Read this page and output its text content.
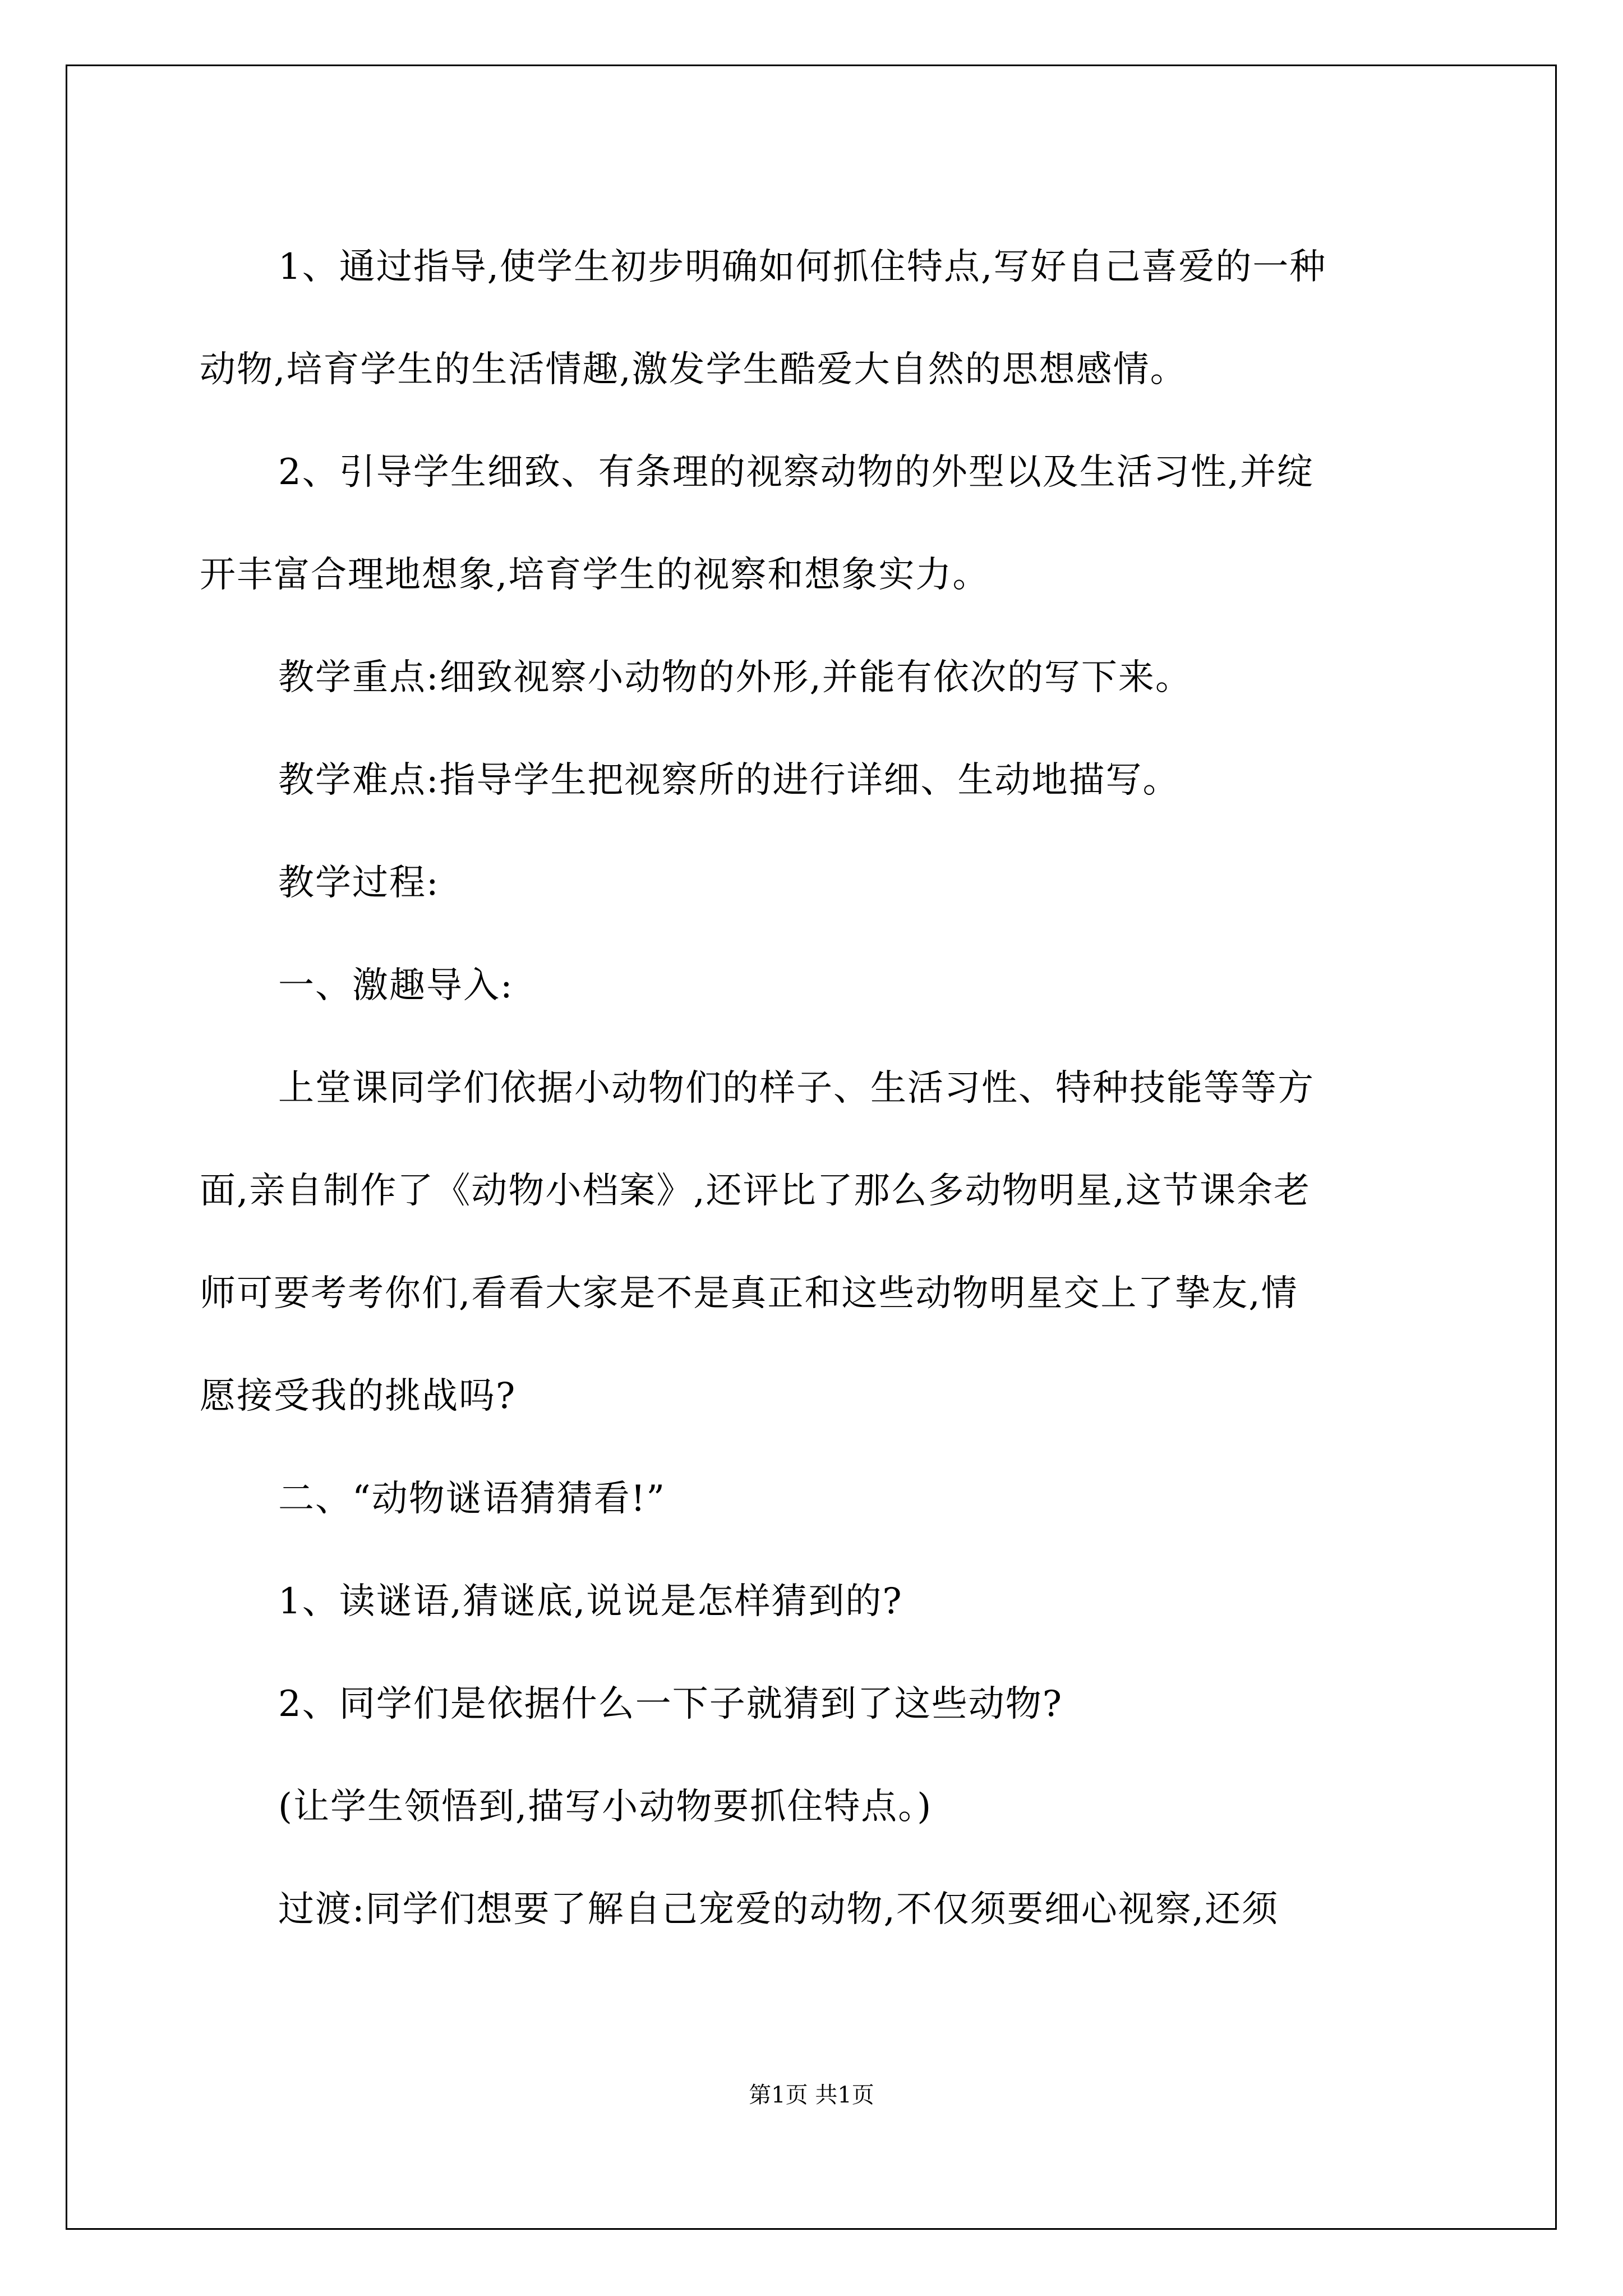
1、通过指导,使学生初步明确如何抓住特点,写好自己喜爱的一种

动物,培育学生的生活情趣,激发学生酷爱大自然的思想感情。

2、引导学生细致、有条理的视察动物的外型以及生活习性,并绽

开丰富合理地想象,培育学生的视察和想象实力。

教学重点:细致视察小动物的外形,并能有依次的写下来。

教学难点:指导学生把视察所的进行详细、生动地描写。

教学过程:

一、激趣导入:

上堂课同学们依据小动物们的样子、生活习性、特种技能等等方

面,亲自制作了《动物小档案》,还评比了那么多动物明星,这节课余老

师可要考考你们,看看大家是不是真正和这些动物明星交上了挚友,情

愿接受我的挑战吗?

二、“动物谜语猜猜看!”

1、读谜语,猜谜底,说说是怎样猜到的?

2、同学们是依据什么一下子就猜到了这些动物?

(让学生领悟到,描写小动物要抓住特点。)

过渡:同学们想要了解自己宠爱的动物,不仅须要细心视察,还须

第1页 共1页
